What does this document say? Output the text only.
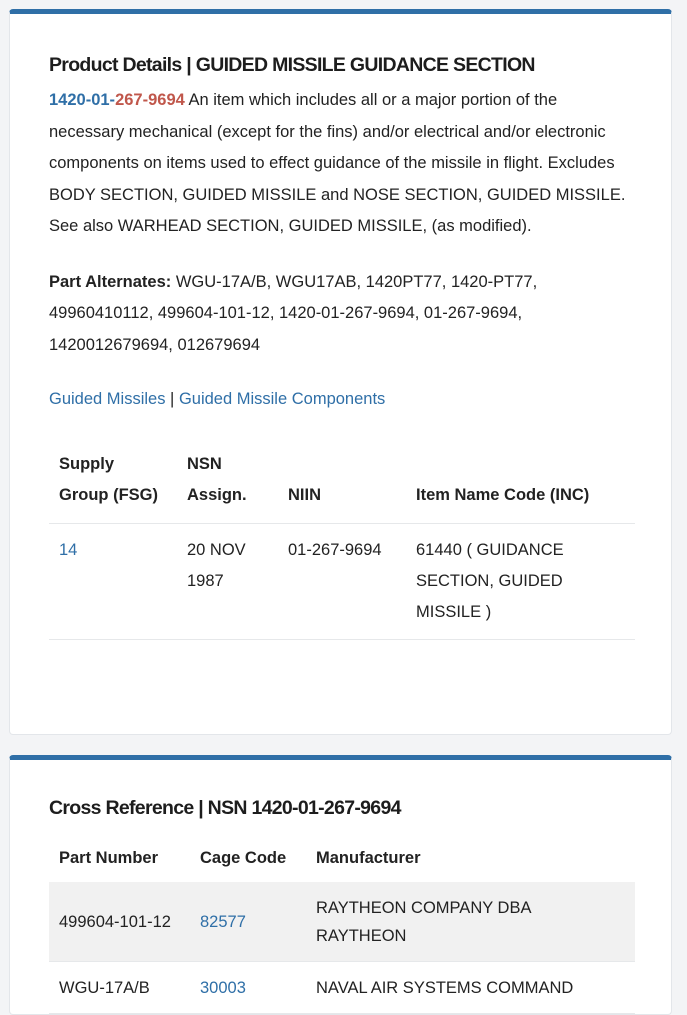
Product Details | GUIDED MISSILE GUIDANCE SECTION

1420-01-267-9694 An item which includes all or a major portion of the necessary mechanical (except for the fins) and/or electrical and/or electronic components on items used to effect guidance of the missile in flight. Excludes BODY SECTION, GUIDED MISSILE and NOSE SECTION, GUIDED MISSILE. See also WARHEAD SECTION, GUIDED MISSILE, (as modified).

Part Alternates: WGU-17A/B, WGU17AB, 1420PT77, 1420-PT77, 49960410112, 499604-101-12, 1420-01-267-9694, 01-267-9694, 1420012679694, 012679694

Guided Missiles | Guided Missile Components

Supply Group (FSG)	NSN Assign.	NIIN	Item Name Code (INC)
14	20 NOV 1987	01-267-9694	61440 ( GUIDANCE SECTION, GUIDED MISSILE )
Cross Reference | NSN 1420-01-267-9694
Part Number	Cage Code	Manufacturer
499604-101-12	82577	RAYTHEON COMPANY DBA RAYTHEON
WGU-17A/B	30003	NAVAL AIR SYSTEMS COMMAND
